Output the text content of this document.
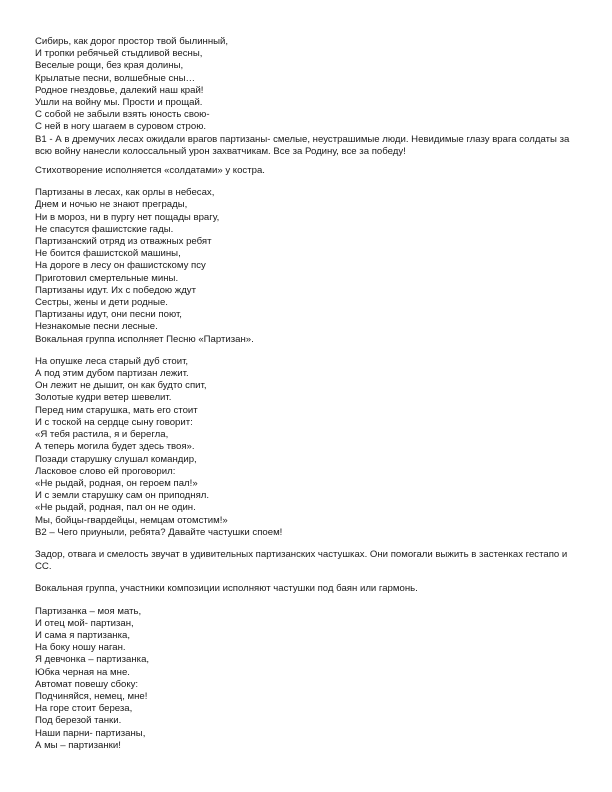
Сибирь, как дорог простор твой былинный,
И тропки ребячьей стыдливой весны,
Веселые рощи, без края долины,
Крылатые песни, волшебные сны…
Родное гнездовье, далекий наш край!
Ушли на войну мы. Прости и прощай.
С собой не забыли взять юность свою-
С ней в ногу шагаем в суровом строю.
В1 - А в дремучих лесах ожидали врагов партизаны- смелые, неустрашимые люди. Невидимые глазу врага солдаты за всю войну нанесли колоссальный урон захватчикам. Все за Родину, все за победу!
Стихотворение исполняется «солдатами» у костра.
Партизаны в лесах, как орлы в небесах,
Днем и ночью не знают преграды,
Ни в мороз, ни в пургу нет пощады врагу,
Не спасутся фашистские гады.
Партизанский отряд из отважных ребят
Не боится фашистской машины,
На дороге в лесу он фашистскому псу
Приготовил смертельные мины.
Партизаны идут. Их с победою ждут
Сестры, жены и дети родные.
Партизаны идут, они песни поют,
Незнакомые песни лесные.
Вокальная группа исполняет Песню «Партизан».
На опушке леса старый дуб стоит,
А под этим дубом партизан лежит.
Он лежит не дышит, он как будто спит,
Золотые кудри ветер шевелит.
Перед ним старушка, мать его стоит
И с тоской на сердце сыну говорит:
«Я тебя растила, я и берегла,
А теперь могила будет здесь твоя».
Позади старушку слушал командир,
Ласковое слово ей проговорил:
«Не рыдай, родная, он героем пал!»
И с земли старушку сам он приподнял.
«Не рыдай, родная, пал он не один.
Мы, бойцы-гвардейцы, немцам отомстим!»
В2 – Чего приуныли, ребята? Давайте частушки споем!
Задор, отвага и смелость звучат в удивительных партизанских частушках. Они помогали выжить в застенках гестапо и СС.
Вокальная группа, участники композиции исполняют частушки под баян или гармонь.
Партизанка – моя мать,
И отец мой- партизан,
И сама я партизанка,
На боку ношу наган.
Я девчонка – партизанка,
Юбка черная на мне.
Автомат повешу сбоку:
Подчиняйся, немец, мне!
На горе стоит береза,
Под березой танки.
Наши парни- партизаны,
А мы – партизанки!
